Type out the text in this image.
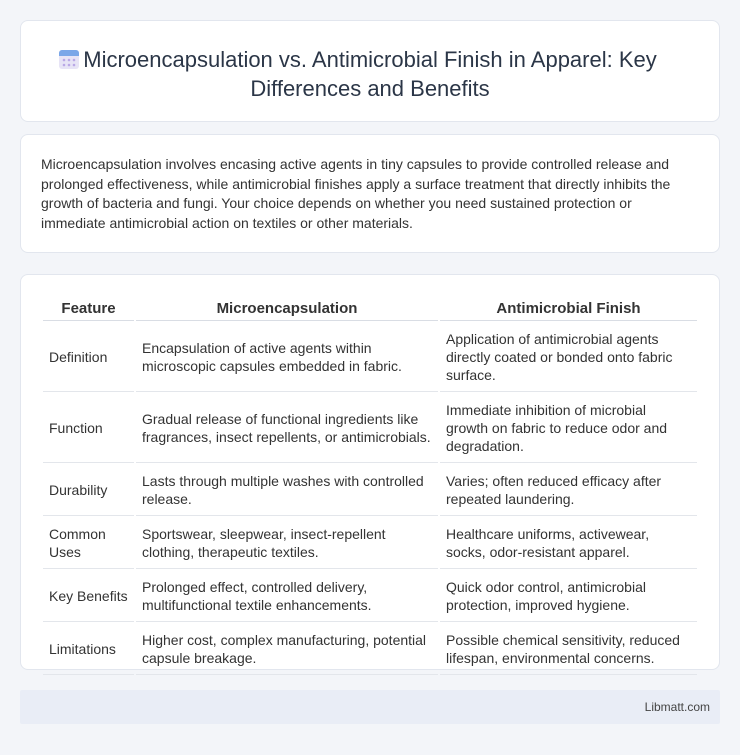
Microencapsulation vs. Antimicrobial Finish in Apparel: Key Differences and Benefits

Microencapsulation involves encasing active agents in tiny capsules to provide controlled release and prolonged effectiveness, while antimicrobial finishes apply a surface treatment that directly inhibits the growth of bacteria and fungi. Your choice depends on whether you need sustained protection or immediate antimicrobial action on textiles or other materials.

Feature	Microencapsulation	Antimicrobial Finish
Definition	Encapsulation of active agents within microscopic capsules embedded in fabric.	Application of antimicrobial agents directly coated or bonded onto fabric surface.
Function	Gradual release of functional ingredients like fragrances, insect repellents, or antimicrobials.	Immediate inhibition of microbial growth on fabric to reduce odor and degradation.
Durability	Lasts through multiple washes with controlled release.	Varies; often reduced efficacy after repeated laundering.
Common Uses	Sportswear, sleepwear, insect-repellent clothing, therapeutic textiles.	Healthcare uniforms, activewear, socks, odor-resistant apparel.
Key Benefits	Prolonged effect, controlled delivery, multifunctional textile enhancements.	Quick odor control, antimicrobial protection, improved hygiene.
Limitations	Higher cost, complex manufacturing, potential capsule breakage.	Possible chemical sensitivity, reduced lifespan, environmental concerns.
Libmatt.com
